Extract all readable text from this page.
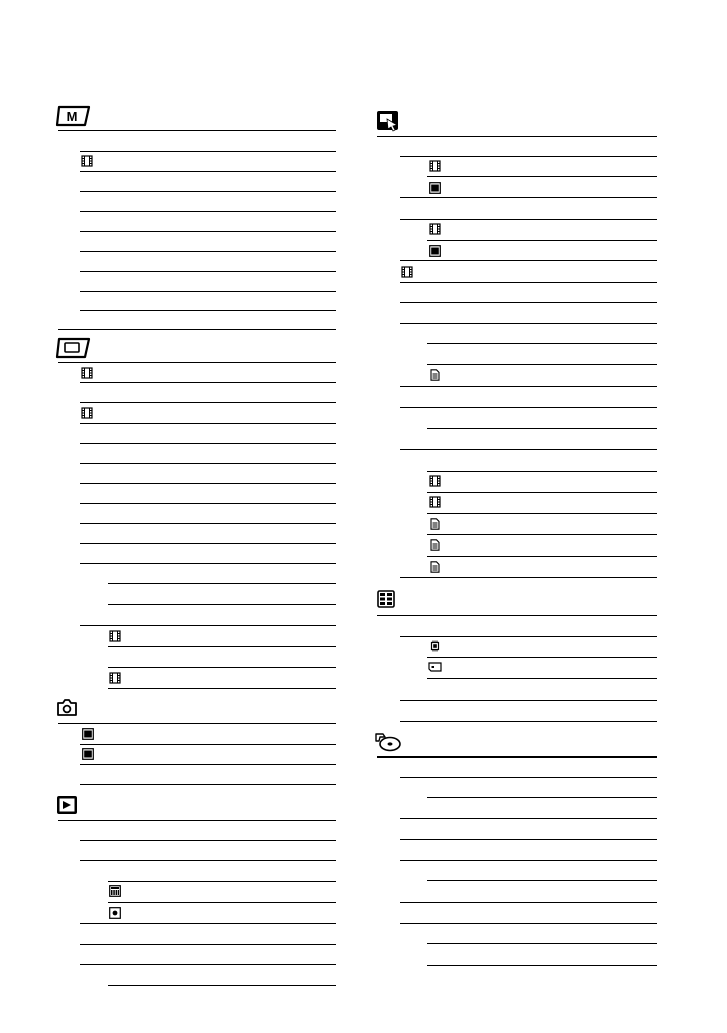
M
